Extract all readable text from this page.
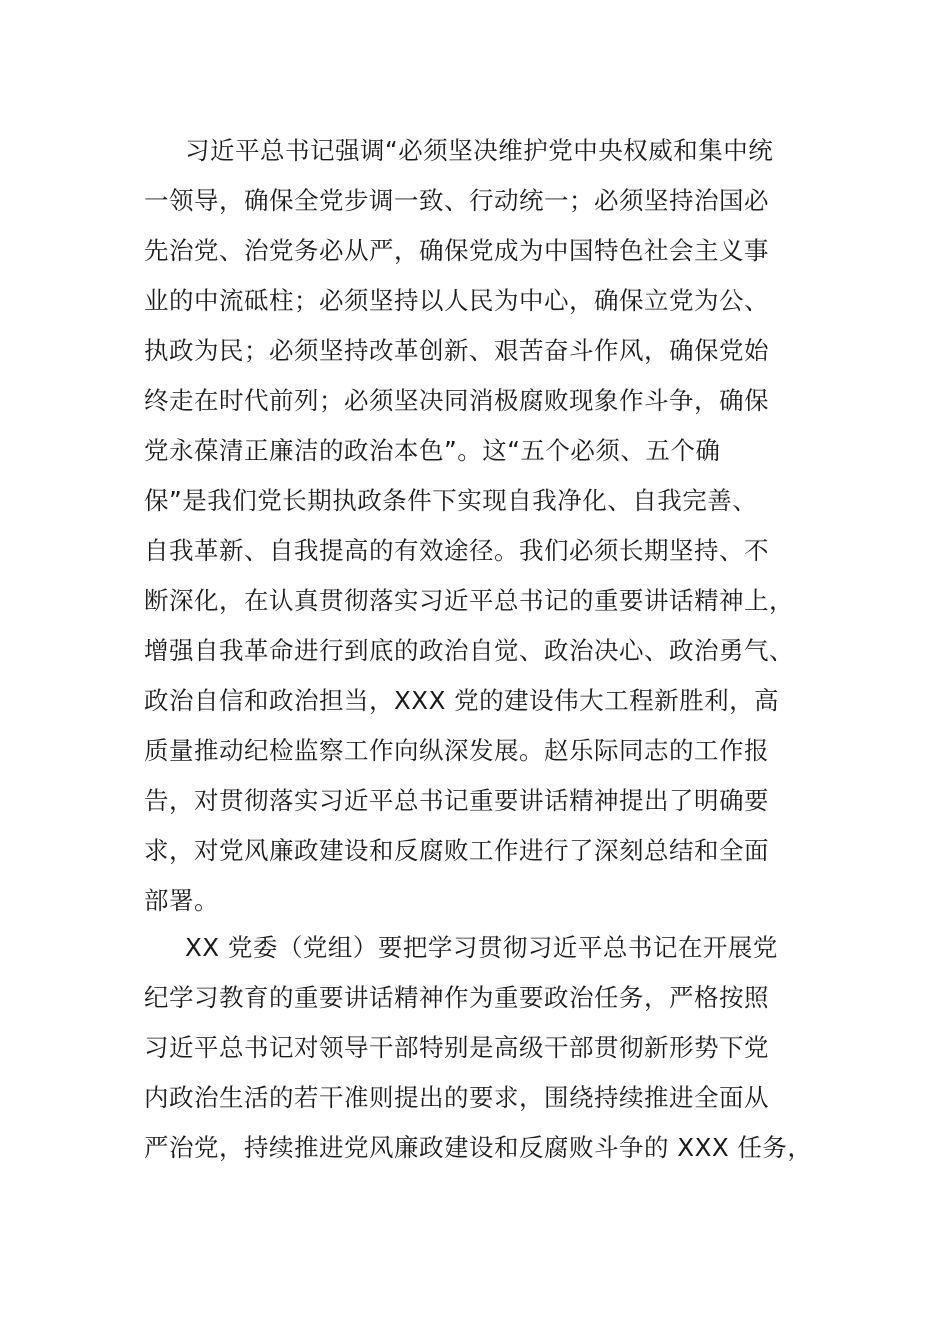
习近平总书记强调“必须坚决维护党中央权威和集中统
一领导，确保全党步调一致、行动统一；必须坚持治国必
先治党、治党务必从严，确保党成为中国特色社会主义事
业的中流砥柱；必须坚持以人民为中心，确保立党为公、
执政为民；必须坚持改革创新、艰苦奋斗作风，确保党始
终走在时代前列；必须坚决同消极腐败现象作斗争，确保
党永葆清正廉洁的政治本色”。这“五个必须、五个确
保”是我们党长期执政条件下实现自我净化、自我完善、
自我革新、自我提高的有效途径。我们必须长期坚持、不
断深化，在认真贯彻落实习近平总书记的重要讲话精神上，
增强自我革命进行到底的政治自觉、政治决心、政治勇气、
政治自信和政治担当，XXX 党的建设伟大工程新胜利，高
质量推动纪检监察工作向纵深发展。赵乐际同志的工作报
告，对贯彻落实习近平总书记重要讲话精神提出了明确要
求，对党风廉政建设和反腐败工作进行了深刻总结和全面
部署。
XX 党委（党组）要把学习贯彻习近平总书记在开展党
纪学习教育的重要讲话精神作为重要政治任务，严格按照
习近平总书记对领导干部特别是高级干部贯彻新形势下党
内政治生活的若干准则提出的要求，围绕持续推进全面从
严治党，持续推进党风廉政建设和反腐败斗争的 XXX 任务，
